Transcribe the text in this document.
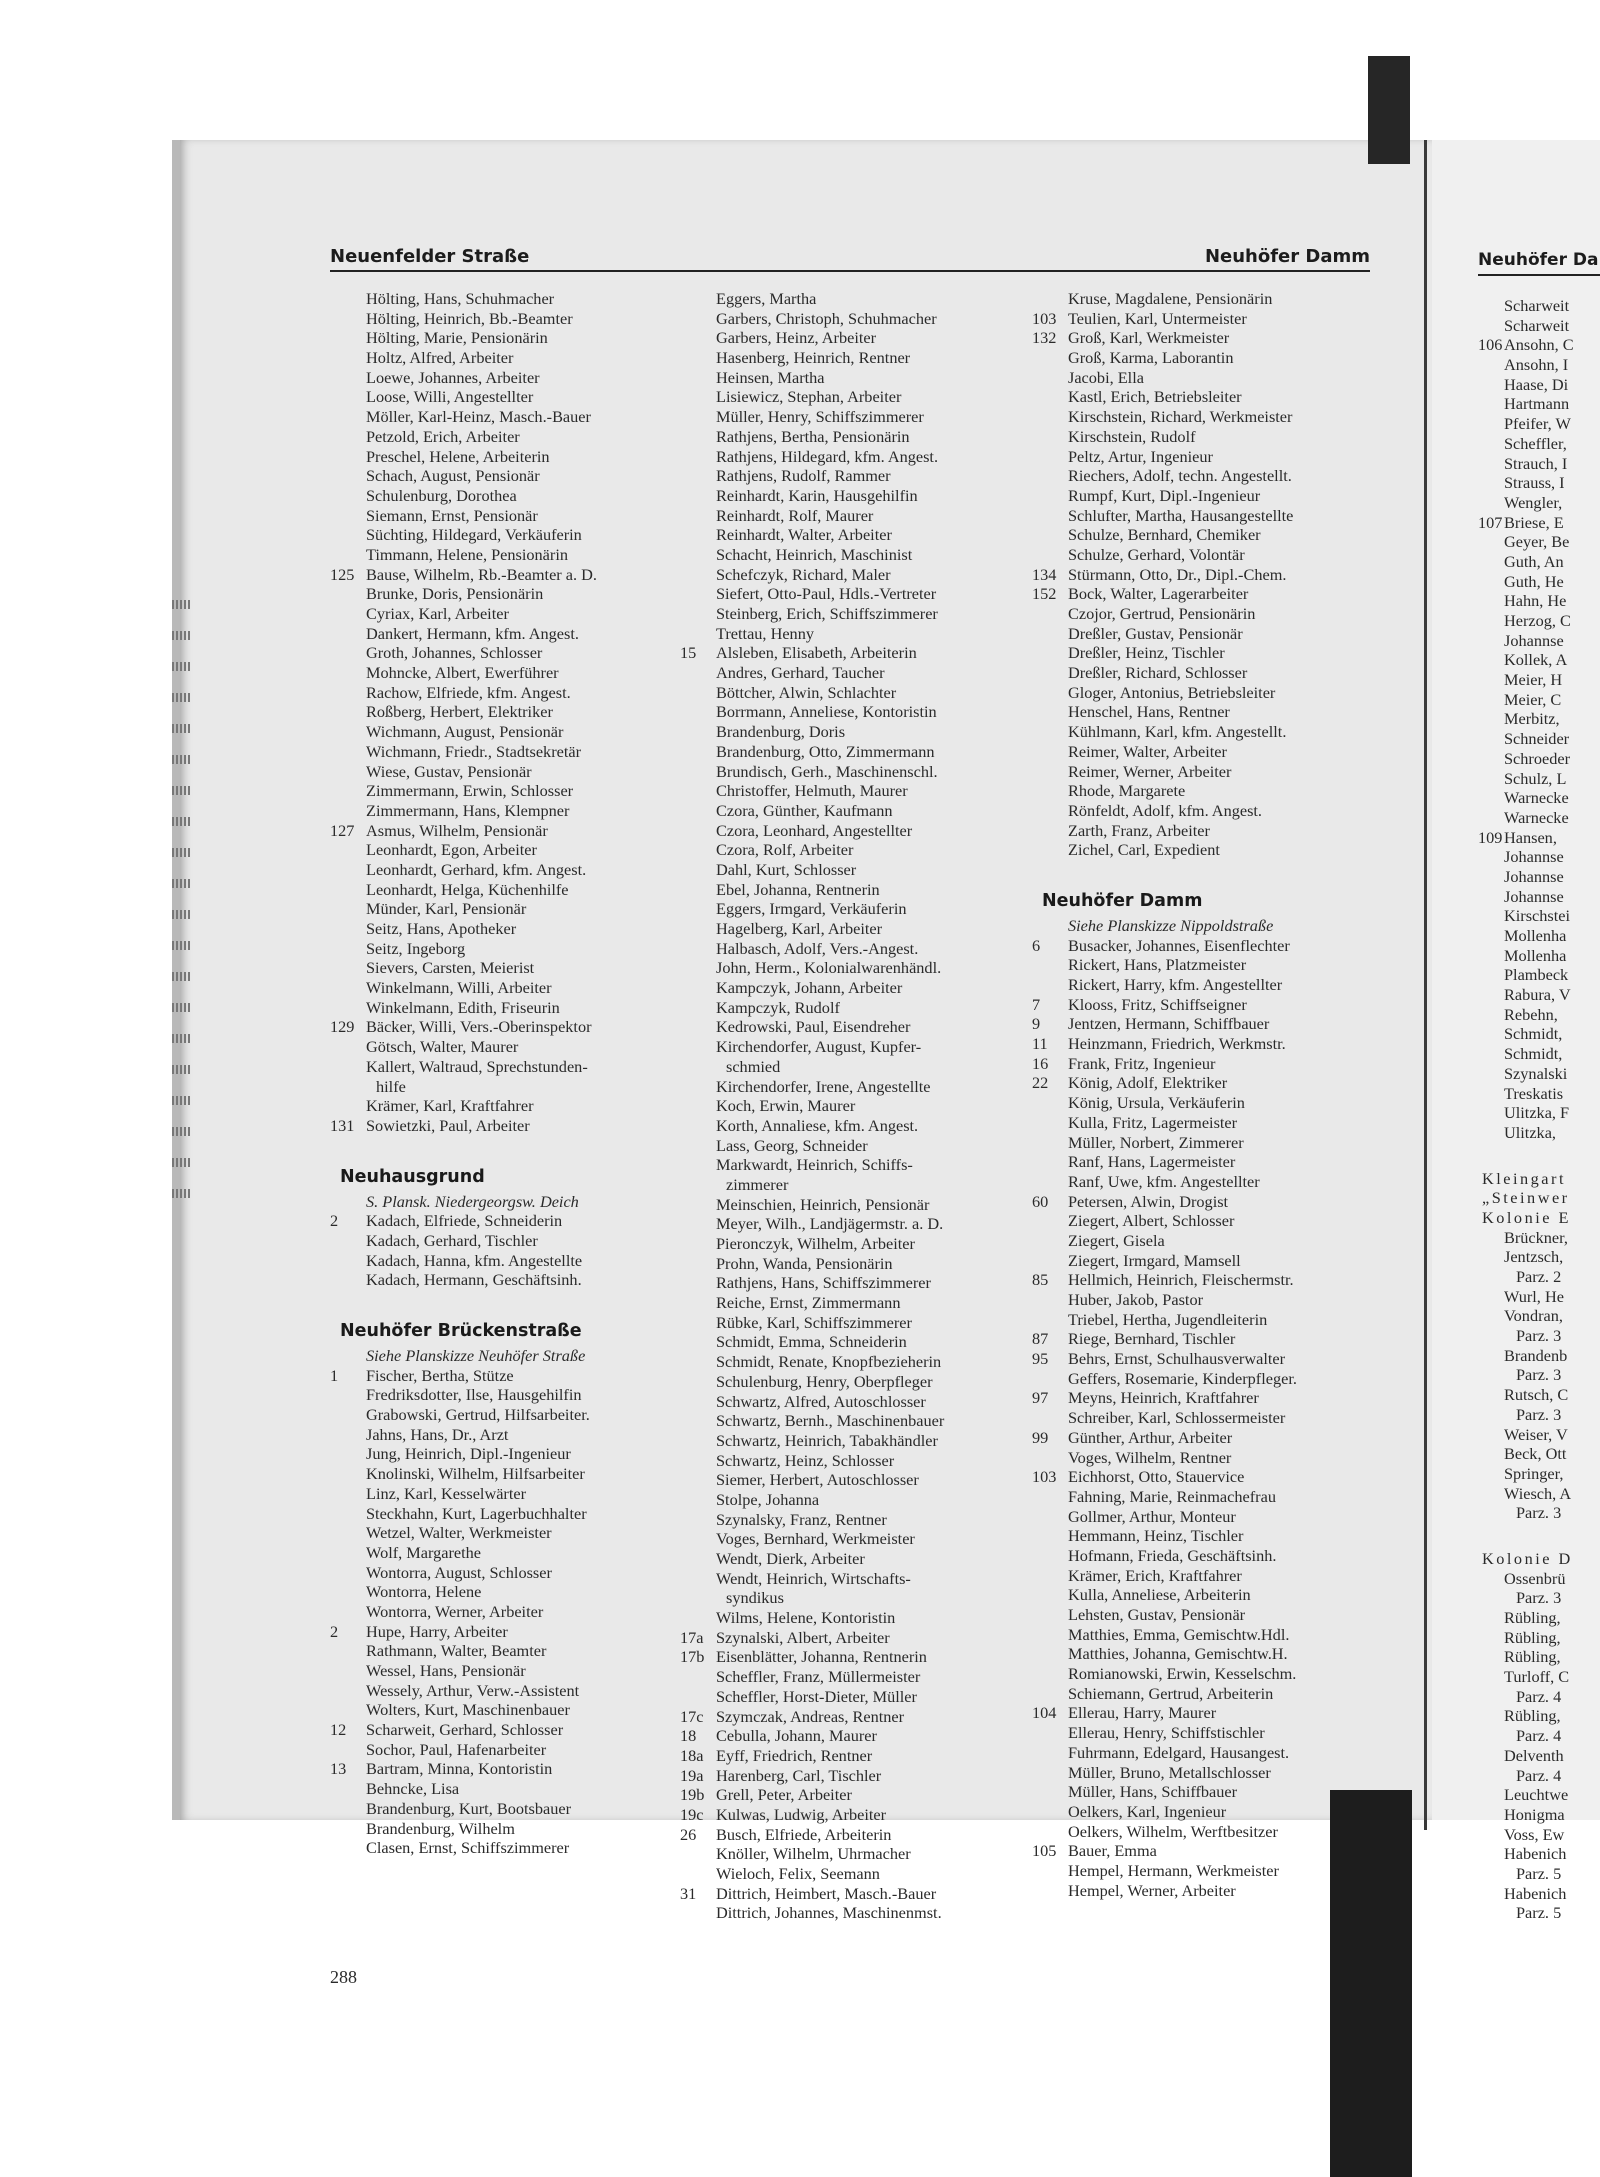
Neuenfelder Straße	Neuhöfer Damm
Hölting, Hans, Schuhmacher
Hölting, Heinrich, Bb.-Beamter
Hölting, Marie, Pensionärin
Holtz, Alfred, Arbeiter
Loewe, Johannes, Arbeiter
Loose, Willi, Angestellter
Möller, Karl-Heinz, Masch.-Bauer
Petzold, Erich, Arbeiter
Preschel, Helene, Arbeiterin
Schach, August, Pensionär
Schulenburg, Dorothea
Siemann, Ernst, Pensionär
Süchting, Hildegard, Verkäuferin
Timmann, Helene, Pensionärin
125 Bause, Wilhelm, Rb.-Beamter a. D.
Brunke, Doris, Pensionärin
Cyriax, Karl, Arbeiter
Dankert, Hermann, kfm. Angest.
Groth, Johannes, Schlosser
Mohncke, Albert, Ewerführer
Rachow, Elfriede, kfm. Angest.
Roßberg, Herbert, Elektriker
Wichmann, August, Pensionär
Wichmann, Friedr., Stadtsekretär
Wiese, Gustav, Pensionär
Zimmermann, Erwin, Schlosser
Zimmermann, Hans, Klempner
127 Asmus, Wilhelm, Pensionär
Leonhardt, Egon, Arbeiter
Leonhardt, Gerhard, kfm. Angest.
Leonhardt, Helga, Küchenhilfe
Münder, Karl, Pensionär
Seitz, Hans, Apotheker
Seitz, Ingeborg
Sievers, Carsten, Meierist
Winkelmann, Willi, Arbeiter
Winkelmann, Edith, Friseurin
129 Bäcker, Willi, Vers.-Oberinspektor
Götsch, Walter, Maurer
Kallert, Waltraud, Sprechstunden-
hilfe
Krämer, Karl, Kraftfahrer
131 Sowietzki, Paul, Arbeiter
Neuhausgrund
S. Plansk. Niedergeorgsw. Deich
2 Kadach, Elfriede, Schneiderin
Kadach, Gerhard, Tischler
Kadach, Hanna, kfm. Angestellte
Kadach, Hermann, Geschäftsinh.
Neuhöfer Brückenstraße
Siehe Planskizze Neuhöfer Straße
1 Fischer, Bertha, Stütze
Fredriksdotter, Ilse, Hausgehilfin
Grabowski, Gertrud, Hilfsarbeiter.
Jahns, Hans, Dr., Arzt
Jung, Heinrich, Dipl.-Ingenieur
Knolinski, Wilhelm, Hilfsarbeiter
Linz, Karl, Kesselwärter
Steckhahn, Kurt, Lagerbuchhalter
Wetzel, Walter, Werkmeister
Wolf, Margarethe
Wontorra, August, Schlosser
Wontorra, Helene
Wontorra, Werner, Arbeiter
2 Hupe, Harry, Arbeiter
Rathmann, Walter, Beamter
Wessel, Hans, Pensionär
Wessely, Arthur, Verw.-Assistent
Wolters, Kurt, Maschinenbauer
12 Scharweit, Gerhard, Schlosser
Sochor, Paul, Hafenarbeiter
13 Bartram, Minna, Kontoristin
Behncke, Lisa
Brandenburg, Kurt, Bootsbauer
Brandenburg, Wilhelm
Clasen, Ernst, Schiffszimmerer
Eggers, Martha
Garbers, Christoph, Schuhmacher
Garbers, Heinz, Arbeiter
Hasenberg, Heinrich, Rentner
Heinsen, Martha
Lisiewicz, Stephan, Arbeiter
Müller, Henry, Schiffszimmerer
Rathjens, Bertha, Pensionärin
Rathjens, Hildegard, kfm. Angest.
Rathjens, Rudolf, Rammer
Reinhardt, Karin, Hausgehilfin
Reinhardt, Rolf, Maurer
Reinhardt, Walter, Arbeiter
Schacht, Heinrich, Maschinist
Schefczyk, Richard, Maler
Siefert, Otto-Paul, Hdls.-Vertreter
Steinberg, Erich, Schiffszimmerer
Trettau, Henny
15 Alsleben, Elisabeth, Arbeiterin
Andres, Gerhard, Taucher
Böttcher, Alwin, Schlachter
Borrmann, Anneliese, Kontoristin
Brandenburg, Doris
Brandenburg, Otto, Zimmermann
Brundisch, Gerh., Maschinenschl.
Christoffer, Helmuth, Maurer
Czora, Günther, Kaufmann
Czora, Leonhard, Angestellter
Czora, Rolf, Arbeiter
Dahl, Kurt, Schlosser
Ebel, Johanna, Rentnerin
Eggers, Irmgard, Verkäuferin
Hagelberg, Karl, Arbeiter
Halbasch, Adolf, Vers.-Angest.
John, Herm., Kolonialwarenhändl.
Kampczyk, Johann, Arbeiter
Kampczyk, Rudolf
Kedrowski, Paul, Eisendreher
Kirchendorfer, August, Kupfer-
schmied
Kirchendorfer, Irene, Angestellte
Koch, Erwin, Maurer
Korth, Annaliese, kfm. Angest.
Lass, Georg, Schneider
Markwardt, Heinrich, Schiffs-
zimmerer
Meinschien, Heinrich, Pensionär
Meyer, Wilh., Landjägermstr. a. D.
Pieronczyk, Wilhelm, Arbeiter
Prohn, Wanda, Pensionärin
Rathjens, Hans, Schiffszimmerer
Reiche, Ernst, Zimmermann
Rübke, Karl, Schiffszimmerer
Schmidt, Emma, Schneiderin
Schmidt, Renate, Knopfbezieherin
Schulenburg, Henry, Oberpfleger
Schwartz, Alfred, Autoschlosser
Schwartz, Bernh., Maschinenbauer
Schwartz, Heinrich, Tabakhändler
Schwartz, Heinz, Schlosser
Siemer, Herbert, Autoschlosser
Stolpe, Johanna
Szynalsky, Franz, Rentner
Voges, Bernhard, Werkmeister
Wendt, Dierk, Arbeiter
Wendt, Heinrich, Wirtschafts-
syndikus
Wilms, Helene, Kontoristin
17a Szynalski, Albert, Arbeiter
17b Eisenblätter, Johanna, Rentnerin
Scheffler, Franz, Müllermeister
Scheffler, Horst-Dieter, Müller
17c Szymczak, Andreas, Rentner
18 Cebulla, Johann, Maurer
18a Eyff, Friedrich, Rentner
19a Harenberg, Carl, Tischler
19b Grell, Peter, Arbeiter
19c Kulwas, Ludwig, Arbeiter
26 Busch, Elfriede, Arbeiterin
Knöller, Wilhelm, Uhrmacher
Wieloch, Felix, Seemann
31 Dittrich, Heimbert, Masch.-Bauer
Dittrich, Johannes, Maschinenmst.
Kruse, Magdalene, Pensionärin
103 Teulien, Karl, Untermeister
132 Groß, Karl, Werkmeister
Groß, Karma, Laborantin
Jacobi, Ella
Kastl, Erich, Betriebsleiter
Kirschstein, Richard, Werkmeister
Kirschstein, Rudolf
Peltz, Artur, Ingenieur
Riechers, Adolf, techn. Angestellt.
Rumpf, Kurt, Dipl.-Ingenieur
Schlufter, Martha, Hausangestellte
Schulze, Bernhard, Chemiker
Schulze, Gerhard, Volontär
134 Stürmann, Otto, Dr., Dipl.-Chem.
152 Bock, Walter, Lagerarbeiter
Czojor, Gertrud, Pensionärin
Dreßler, Gustav, Pensionär
Dreßler, Heinz, Tischler
Dreßler, Richard, Schlosser
Gloger, Antonius, Betriebsleiter
Henschel, Hans, Rentner
Kühlmann, Karl, kfm. Angestellt.
Reimer, Walter, Arbeiter
Reimer, Werner, Arbeiter
Rhode, Margarete
Rönfeldt, Adolf, kfm. Angest.
Zarth, Franz, Arbeiter
Zichel, Carl, Expedient
Neuhöfer Damm
Siehe Planskizze Nippoldstraße
6 Busacker, Johannes, Eisenflechter
Rickert, Hans, Platzmeister
Rickert, Harry, kfm. Angestellter
7 Klooss, Fritz, Schiffseigner
9 Jentzen, Hermann, Schiffbauer
11 Heinzmann, Friedrich, Werkmstr.
16 Frank, Fritz, Ingenieur
22 König, Adolf, Elektriker
König, Ursula, Verkäuferin
Kulla, Fritz, Lagermeister
Müller, Norbert, Zimmerer
Ranf, Hans, Lagermeister
Ranf, Uwe, kfm. Angestellter
60 Petersen, Alwin, Drogist
Ziegert, Albert, Schlosser
Ziegert, Gisela
Ziegert, Irmgard, Mamsell
85 Hellmich, Heinrich, Fleischermstr.
Huber, Jakob, Pastor
Triebel, Hertha, Jugendleiterin
87 Riege, Bernhard, Tischler
95 Behrs, Ernst, Schulhausverwalter
Geffers, Rosemarie, Kinderpfleger.
97 Meyns, Heinrich, Kraftfahrer
Schreiber, Karl, Schlossermeister
99 Günther, Arthur, Arbeiter
Voges, Wilhelm, Rentner
103 Eichhorst, Otto, Stauervice
Fahning, Marie, Reinmachefrau
Gollmer, Arthur, Monteur
Hemmann, Heinz, Tischler
Hofmann, Frieda, Geschäftsinh.
Krämer, Erich, Kraftfahrer
Kulla, Anneliese, Arbeiterin
Lehsten, Gustav, Pensionär
Matthies, Emma, Gemischtw.Hdl.
Matthies, Johanna, Gemischtw.H.
Romianowski, Erwin, Kesselschm.
Schiemann, Gertrud, Arbeiterin
104 Ellerau, Harry, Maurer
Ellerau, Henry, Schiffstischler
Fuhrmann, Edelgard, Hausangest.
Müller, Bruno, Metallschlosser
Müller, Hans, Schiffbauer
Oelkers, Karl, Ingenieur
Oelkers, Wilhelm, Werftbesitzer
105 Bauer, Emma
Hempel, Hermann, Werkmeister
Hempel, Werner, Arbeiter
Neuhöfer Da
Scharweit
Scharweit
106 Ansohn, C
Ansohn, I
Haase, Di
Hartmann
Pfeifer, W
Scheffler,
Strauch, I
Strauss, I
Wengler,
107 Briese, E
Geyer, Be
Guth, An
Guth, He
Hahn, He
Herzog, C
Johannse
Kollek, A
Meier, H
Meier, C
Merbitz,
Schneider
Schroeder
Schulz, L
Warnecke
Warnecke
109 Hansen,
Johannse
Johannse
Johannse
Kirschstei
Mollenha
Mollenha
Plambeck
Rabura, V
Rebehn,
Schmidt,
Schmidt,
Szynalski
Treskatis
Ulitzka, F
Ulitzka,
Kleingart
„Steinwer
Kolonie E
Brückner,
Jentzsch,
Parz. 2
Wurl, He
Vondran,
Parz. 3
Brandenb
Parz. 3
Rutsch, C
Parz. 3
Weiser, V
Beck, Ott
Springer,
Wiesch, A
Parz. 3
Kolonie D
Ossenbrü
Parz. 3
Rübling,
Rübling,
Rübling,
Turloff, C
Parz. 4
Rübling,
Parz. 4
Delventh
Parz. 4
Leuchtwe
Honigma
Voss, Ew
Habenich
Parz. 5
Habenich
Parz. 5
288
